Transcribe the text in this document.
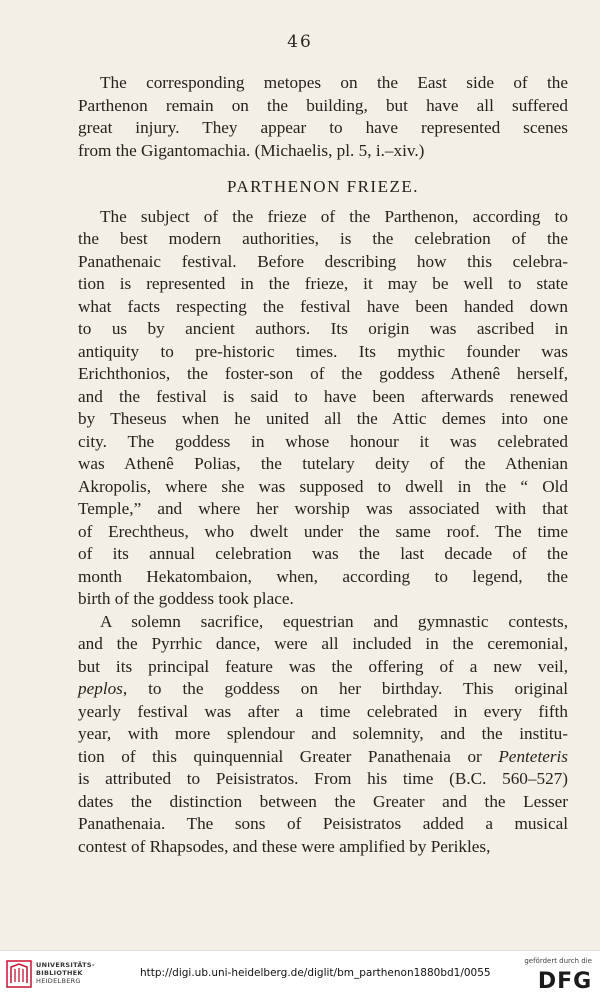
46
The corresponding metopes on the East side of the
Parthenon remain on the building, but have all suffered
great injury. They appear to have represented scenes
from the Gigantomachia. (Michaelis, pl. 5, i.–xiv.)
PARTHENON FRIEZE.
The subject of the frieze of the Parthenon, according to
the best modern authorities, is the celebration of the
Panathenaic festival. Before describing how this celebra-
tion is represented in the frieze, it may be well to state
what facts respecting the festival have been handed down
to us by ancient authors. Its origin was ascribed in
antiquity to pre-historic times. Its mythic founder was
Erichthonios, the foster-son of the goddess Athenê herself,
and the festival is said to have been afterwards renewed
by Theseus when he united all the Attic demes into one
city. The goddess in whose honour it was celebrated
was Athenê Polias, the tutelary deity of the Athenian
Akropolis, where she was supposed to dwell in the “ Old
Temple,” and where her worship was associated with that
of Erechtheus, who dwelt under the same roof. The time
of its annual celebration was the last decade of the
month Hekatombaion, when, according to legend, the
birth of the goddess took place.
A solemn sacrifice, equestrian and gymnastic contests,
and the Pyrrhic dance, were all included in the ceremonial,
but its principal feature was the offering of a new veil,
peplos, to the goddess on her birthday. This original
yearly festival was after a time celebrated in every fifth
year, with more splendour and solemnity, and the institu-
tion of this quinquennial Greater Panathenaia or Penteteris
is attributed to Peisistratos. From his time (B.C. 560–527)
dates the distinction between the Greater and the Lesser
Panathenaia. The sons of Peisistratos added a musical
contest of Rhapsodes, and these were amplified by Perikles,
UNIVERSITÄTS-
BIBLIOTHEK
HEIDELBERG
http://digi.ub.uni-heidelberg.de/diglit/bm_parthenon1880bd1/0055
gefördert durch die
DFG
